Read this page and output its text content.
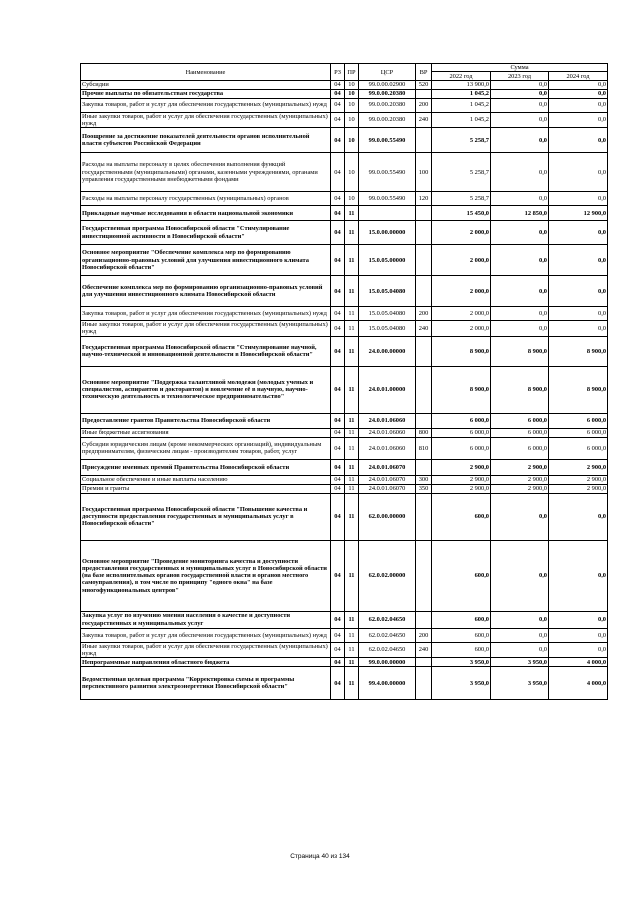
Наименование	РЗ	ПР	ЦСР	ВР	Сумма		
					2022 год	2023 год	2024 год
Субсидии	04	10	99.0.00.02900	520	13 900,0	0,0	0,0
Прочие выплаты по обязательствам государства	04	10	99.0.00.20380		1 045,2	0,0	0,0
Закупка товаров, работ и услуг для обеспечения государственных (муниципальных) нужд	04	10	99.0.00.20380	200	1 045,2	0,0	0,0
Иные закупки товаров, работ и услуг для обеспечения государственных (муниципальных) нужд	04	10	99.0.00.20380	240	1 045,2	0,0	0,0
Поощрение за достижение показателей деятельности органов исполнительной власти субъектов Российской Федерации	04	10	99.0.00.55490		5 258,7	0,0	0,0
Расходы на выплаты персоналу в целях обеспечения выполнения функций государственными (муниципальными) органами, казенными учреждениями, органами управления государственными внебюджетными фондами	04	10	99.0.00.55490	100	5 258,7	0,0	0,0
Расходы на выплаты персоналу государственных (муниципальных) органов	04	10	99.0.00.55490	120	5 258,7	0,0	0,0
Прикладные научные исследования в области национальной экономики	04	11			15 450,0	12 850,0	12 900,0
Государственная программа Новосибирской области "Стимулирование инвестиционной активности в Новосибирской области"	04	11	15.0.00.00000		2 000,0	0,0	0,0
Основное мероприятие "Обеспечение комплекса мер по формированию организационно-правовых условий для улучшения инвестиционного климата Новосибирской области"	04	11	15.0.05.00000		2 000,0	0,0	0,0
Обеспечение комплекса мер по формированию организационно-правовых условий для улучшения инвестиционного климата Новосибирской области	04	11	15.0.05.04080		2 000,0	0,0	0,0
Закупка товаров, работ и услуг для обеспечения государственных (муниципальных) нужд	04	11	15.0.05.04080	200	2 000,0	0,0	0,0
Иные закупки товаров, работ и услуг для обеспечения государственных (муниципальных) нужд	04	11	15.0.05.04080	240	2 000,0	0,0	0,0
Государственная программа Новосибирской области "Стимулирование научной, научно-технической и инновационной деятельности в Новосибирской области"	04	11	24.0.00.00000		8 900,0	8 900,0	8 900,0
Основное мероприятие "Поддержка талантливой молодежи (молодых ученых и специалистов, аспирантов и докторантов) и вовлечение её в научную, научно-техническую деятельность и технологическое предпринимательство"	04	11	24.0.01.00000		8 900,0	8 900,0	8 900,0
Предоставление грантов Правительства Новосибирской области	04	11	24.0.01.06060		6 000,0	6 000,0	6 000,0
Иные бюджетные ассигнования	04	11	24.0.01.06060	800	6 000,0	6 000,0	6 000,0
Субсидии юридическим лицам (кроме некоммерческих организаций), индивидуальным предпринимателям, физическим лицам - производителям товаров, работ, услуг	04	11	24.0.01.06060	810	6 000,0	6 000,0	6 000,0
Присуждение именных премий Правительства Новосибирской области	04	11	24.0.01.06070		2 900,0	2 900,0	2 900,0
Социальное обеспечение и иные выплаты населению	04	11	24.0.01.06070	300	2 900,0	2 900,0	2 900,0
Премии и гранты	04	11	24.0.01.06070	350	2 900,0	2 900,0	2 900,0
Государственная программа Новосибирской области "Повышение качества и доступности предоставления государственных и муниципальных услуг в Новосибирской области"	04	11	62.0.00.00000		600,0	0,0	0,0
Основное мероприятие "Проведение мониторинга качества и доступности предоставления государственных и муниципальных услуг в Новосибирской области (на базе исполнительных органов государственной власти и органов местного самоуправления), в том числе по принципу "одного окна" на базе многофункциональных центров"	04	11	62.0.02.00000		600,0	0,0	0,0
Закупка услуг по изучению мнения населения о качестве и доступности государственных и муниципальных услуг	04	11	62.0.02.04650		600,0	0,0	0,0
Закупка товаров, работ и услуг для обеспечения государственных (муниципальных) нужд	04	11	62.0.02.04650	200	600,0	0,0	0,0
Иные закупки товаров, работ и услуг для обеспечения государственных (муниципальных) нужд	04	11	62.0.02.04650	240	600,0	0,0	0,0
Непрограммные направления областного бюджета	04	11	99.0.00.00000		3 950,0	3 950,0	4 000,0
Ведомственная целевая программа "Корректировка схемы и программы перспективного развития электроэнергетики Новосибирской области"	04	11	99.4.00.00000		3 950,0	3 950,0	4 000,0
Страница 40 из 134
